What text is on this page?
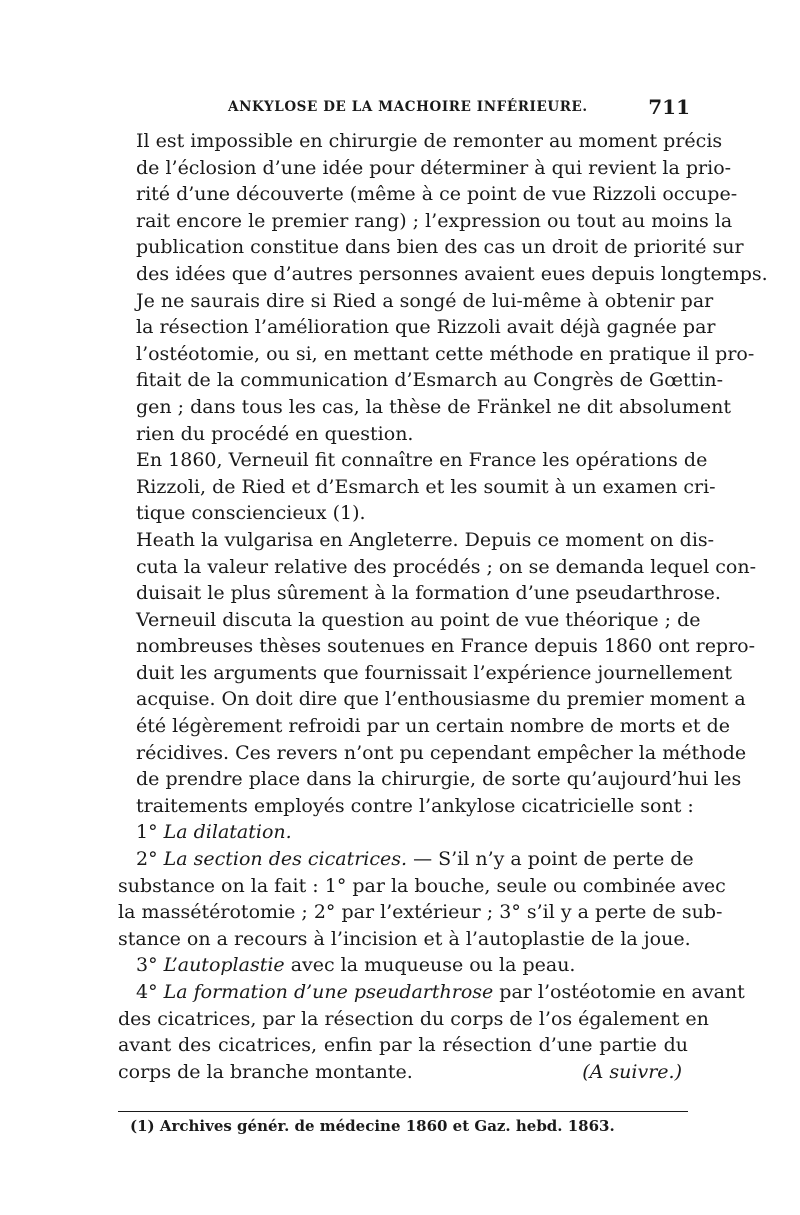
ANKYLOSE DE LA MACHOIRE INFÉRIEURE.	711

Il est impossible en chirurgie de remonter au moment précis
de l’éclosion d’une idée pour déterminer à qui revient la prio-
rité d’une découverte (même à ce point de vue Rizzoli occupe-
rait encore le premier rang) ; l’expression ou tout au moins la
publication constitue dans bien des cas un droit de priorité sur
des idées que d’autres personnes avaient eues depuis longtemps.
Je ne saurais dire si Ried a songé de lui-même à obtenir par
la résection l’amélioration que Rizzoli avait déjà gagnée par
l’ostéotomie, ou si, en mettant cette méthode en pratique il pro-
fitait de la communication d’Esmarch au Congrès de Gœttin-
gen ; dans tous les cas, la thèse de Fränkel ne dit absolument
rien du procédé en question.

En 1860, Verneuil fit connaître en France les opérations de
Rizzoli, de Ried et d’Esmarch et les soumit à un examen cri-
tique consciencieux (1).

Heath la vulgarisa en Angleterre. Depuis ce moment on dis-
cuta la valeur relative des procédés ; on se demanda lequel con-
duisait le plus sûrement à la formation d’une pseudarthrose.
Verneuil discuta la question au point de vue théorique ; de
nombreuses thèses soutenues en France depuis 1860 ont repro-
duit les arguments que fournissait l’expérience journellement
acquise. On doit dire que l’enthousiasme du premier moment a
été légèrement refroidi par un certain nombre de morts et de
récidives. Ces revers n’ont pu cependant empêcher la méthode
de prendre place dans la chirurgie, de sorte qu’aujourd’hui les
traitements employés contre l’ankylose cicatricielle sont :

1° La dilatation.
2° La section des cicatrices. — S’il n’y a point de perte de
substance on la fait : 1° par la bouche, seule ou combinée avec
la massétérotomie ; 2° par l’extérieur ; 3° s’il y a perte de sub-
stance on a recours à l’incision et à l’autoplastie de la joue.
3° L’autoplastie avec la muqueuse ou la peau.
4° La formation d’une pseudarthrose par l’ostéotomie en avant
des cicatrices, par la résection du corps de l’os également en
avant des cicatrices, enfin par la résection d’une partie du
corps de la branche montante.	(A suivre.)
(1) Archives génér. de médecine 1860 et Gaz. hebd. 1863.
